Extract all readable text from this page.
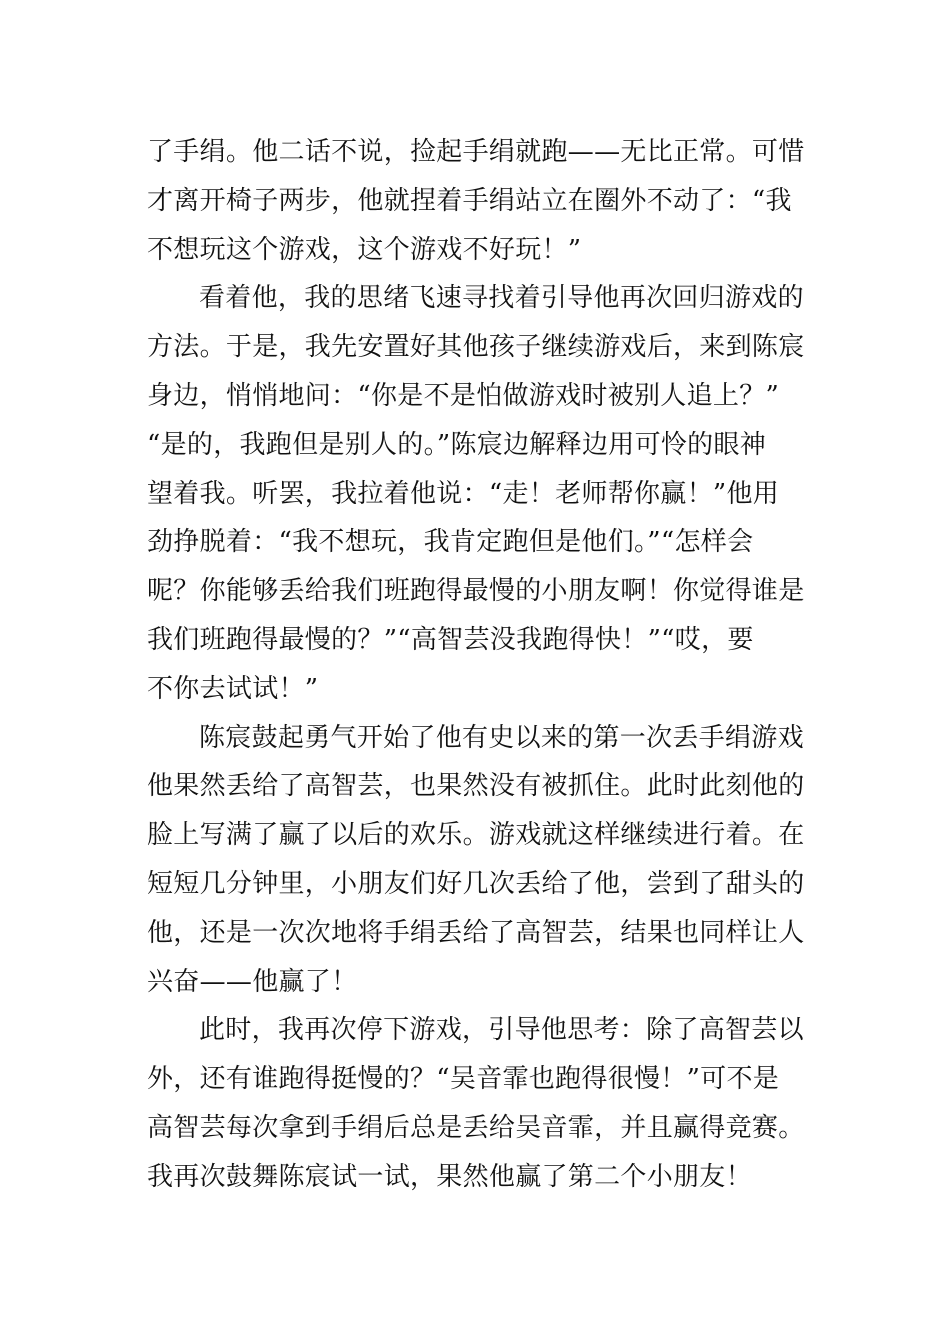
了手绢。他二话不说，捡起手绢就跑——无比正常。可惜
才离开椅子两步，他就捏着手绢站立在圈外不动了：“我
不想玩这个游戏，这个游戏不好玩！”
看着他，我的思绪飞速寻找着引导他再次回归游戏的
方法。于是，我先安置好其他孩子继续游戏后，来到陈宸
身边，悄悄地问：“你是不是怕做游戏时被别人追上？”
“是的，我跑但是别人的。”陈宸边解释边用可怜的眼神
望着我。听罢，我拉着他说：“走！老师帮你赢！”他用
劲挣脱着：“我不想玩，我肯定跑但是他们。”“怎样会
呢？你能够丢给我们班跑得最慢的小朋友啊！你觉得谁是
我们班跑得最慢的？”“高智芸没我跑得快！”“哎，要
不你去试试！”
陈宸鼓起勇气开始了他有史以来的第一次丢手绢游戏
他果然丢给了高智芸，也果然没有被抓住。此时此刻他的
脸上写满了赢了以后的欢乐。游戏就这样继续进行着。在
短短几分钟里，小朋友们好几次丢给了他，尝到了甜头的
他，还是一次次地将手绢丢给了高智芸，结果也同样让人
兴奋——他赢了！
此时，我再次停下游戏，引导他思考：除了高智芸以
外，还有谁跑得挺慢的？“吴音霏也跑得很慢！”可不是
高智芸每次拿到手绢后总是丢给吴音霏，并且赢得竞赛。
我再次鼓舞陈宸试一试，果然他赢了第二个小朋友！
